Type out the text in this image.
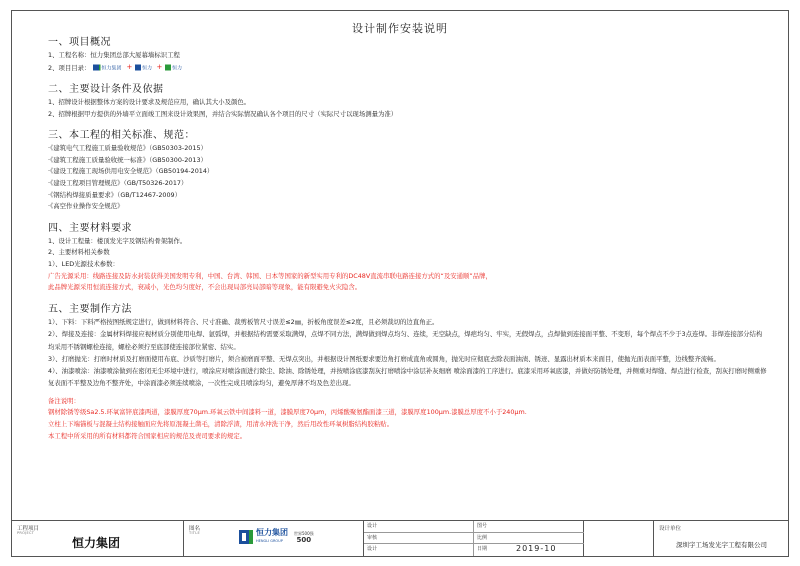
设计制作安装说明
一、项目概况
1、工程名称：恒力集团总部大厦幕墙标识工程
2、项目目录： 恒力集团 + 恒力 + 恒力
二、主要设计条件及依据
1、招牌设计根据整体方案的设计要求及规范应用，确认其大小及颜色。
2、招牌根据甲方提供的外墙平立面竣工图来设计效果图，并结合实际情况确认各个项目的尺寸（实际尺寸以现场测量为准）
三、本工程的相关标准、规范：
·《建筑电气工程施工质量验收规范》（GB50303-2015）
·《建筑工程施工质量验收统一标准》（GB50300-2013）
·《建设工程施工现场供用电安全规范》（GB50194-2014）
·《建设工程项目管理规范》（GB/T50326-2017）
·《钢结构焊接质量要求》（GB/T12467-2009）
·《高空作业操作安全规范》
四、主要材料要求
1、设计工程量：楼顶发光字及钢结构骨架制作。
2、主要材料相关参数
1）、LED光源技术参数：
广告光源采用：线路连接及防水封装获得美国发明专利，中国、台湾、韩国、日本等国家的新型实用专利的DC48V直流串联电路连接方式的“及安通顺”品牌，
此品牌光源采用恒流连接方式，衰减小，光色均匀度好，不会出现局部亮局部暗等现象，能有限避免火灾隐含。
五、主要制作方法
1）、下料：下料严格按图纸规定进行，做到材料符合、尺寸准确、裁剪板管尺寸误差≤2㎜，折板角度误差≤2度，且必须裁切的边直角正。
2）、焊接及连接：金属材料焊接应视材质分别使用电焊、氩弧焊，并根据结构需要采取满焊，点焊不同方法，满焊做到焊点均匀、连续，无空缺点，焊疤均匀、牢实，无假焊点，点焊做到连接面平整、不变形，每个焊点不少于3点连焊。非焊连接部分结构均采用不锈钢螺栓连接，螺栓必须拧至底部使连接部位紧密、结实。
3）、打磨抛光：打磨时材质及打磨面使用布底、沙质等打磨片，须合被磨面平整、无焊点突出，并根据设计图纸要求要边角打磨成直角或圆角，抛光时应彻底去除表面油渍、锈迹、显露出材质本来面目，使抛光面表面平整，边线整齐流畅。
4）、油漆喷涂：油漆喷涂做到在密闭无尘环境中进行，喷涂应对喷涂面进行除尘、除油、除锈处理，并按喷涂底漆刮灰打磨喷涂中涂层补灰细磨 喷涂面漆的工序进行。底漆采用环氧底漆，并做好防锈处理，并侧重对焊缝、焊点进行检查，刮灰打磨时侧重修复表面不平整及边角不整齐处，中涂面漆必须连续喷涂，一次性完成且喷涂均匀，避免厚薄不均及色差出现。
备注说明：
钢材除锈等级Sa2.5.环氧富锌底漆两道，漆膜厚度70μm.环氧云铁中间漆料一道，漆膜厚度70μm，丙烯酸聚氨酯面漆三道，漆膜厚度100μm.漆膜总厚度不小于240μm.
立柱上下端锚板与混凝土结构接触面应先将原混凝土凿毛，清除浮渣，用清水冲洗干净，然后用改性环氧树脂结构胶粘贴。
本工程中所采用的所有材料都符合国家相应的规范及责司要求的规定。
工程项目
PROJECT
恒力集团
图名
TITLE	恒力集团
HENGLI GROUP
世界500强
500
设计	图号
审核	比例
设计	日期	2019-10
设计单位
深圳宇工场发光字工程有限公司
